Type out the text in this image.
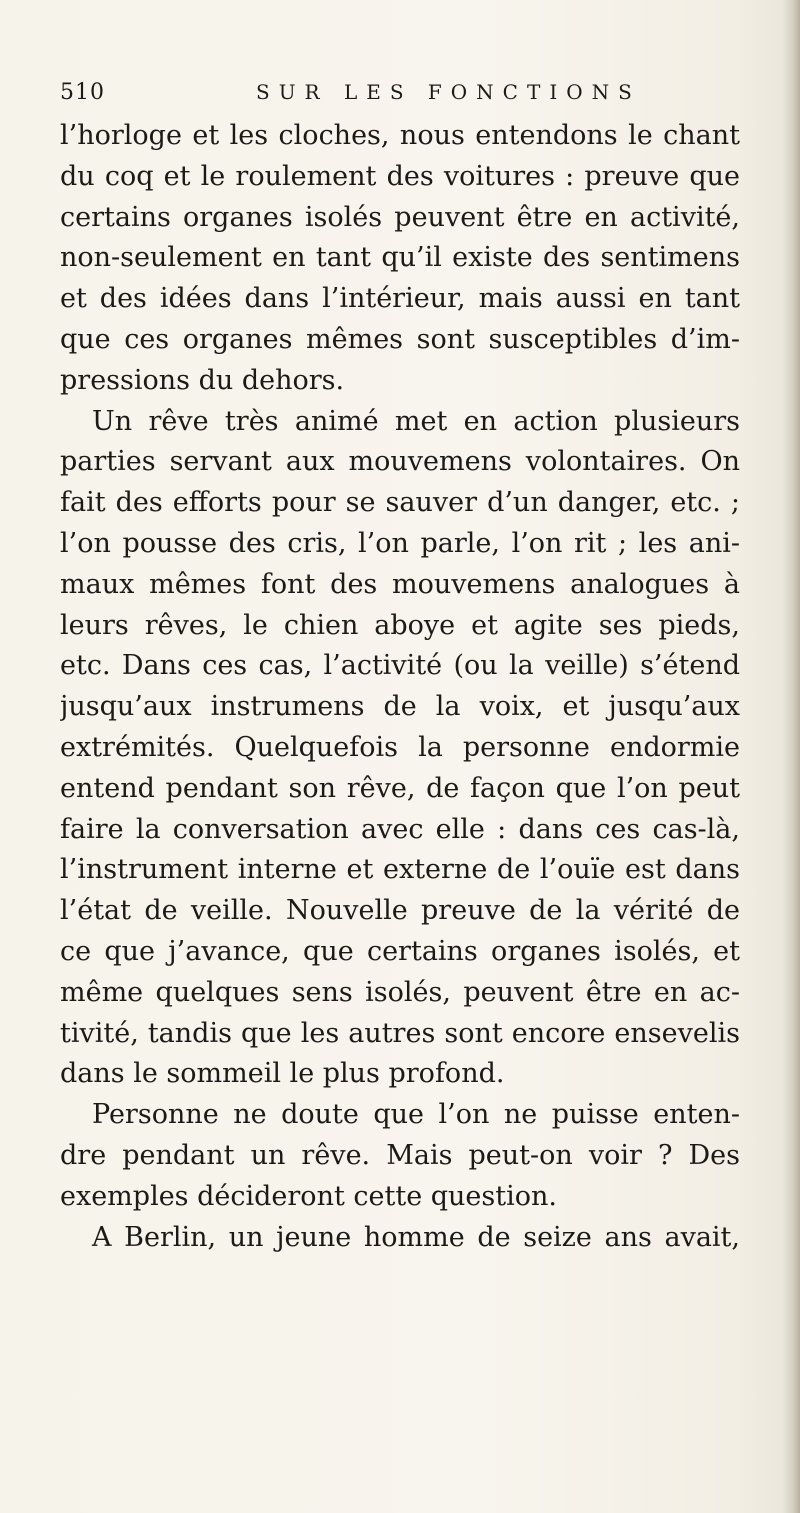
510	SUR LES FONCTIONS
l’horloge et les cloches, nous entendons le chant
du coq et le roulement des voitures : preuve que
certains organes isolés peuvent être en activité,
non-seulement en tant qu’il existe des sentimens
et des idées dans l’intérieur, mais aussi en tant
que ces organes mêmes sont susceptibles d’im-
pressions du dehors.
Un rêve très animé met en action plusieurs
parties servant aux mouvemens volontaires. On
fait des efforts pour se sauver d’un danger, etc. ;
l’on pousse des cris, l’on parle, l’on rit ; les ani-
maux mêmes font des mouvemens analogues à
leurs rêves, le chien aboye et agite ses pieds,
etc. Dans ces cas, l’activité (ou la veille) s’étend
jusqu’aux instrumens de la voix, et jusqu’aux
extrémités. Quelquefois la personne endormie
entend pendant son rêve, de façon que l’on peut
faire la conversation avec elle : dans ces cas-là,
l’instrument interne et externe de l’ouïe est dans
l’état de veille. Nouvelle preuve de la vérité de
ce que j’avance, que certains organes isolés, et
même quelques sens isolés, peuvent être en ac-
tivité, tandis que les autres sont encore ensevelis
dans le sommeil le plus profond.
Personne ne doute que l’on ne puisse enten-
dre pendant un rêve. Mais peut-on voir ? Des
exemples décideront cette question.
A Berlin, un jeune homme de seize ans avait,
